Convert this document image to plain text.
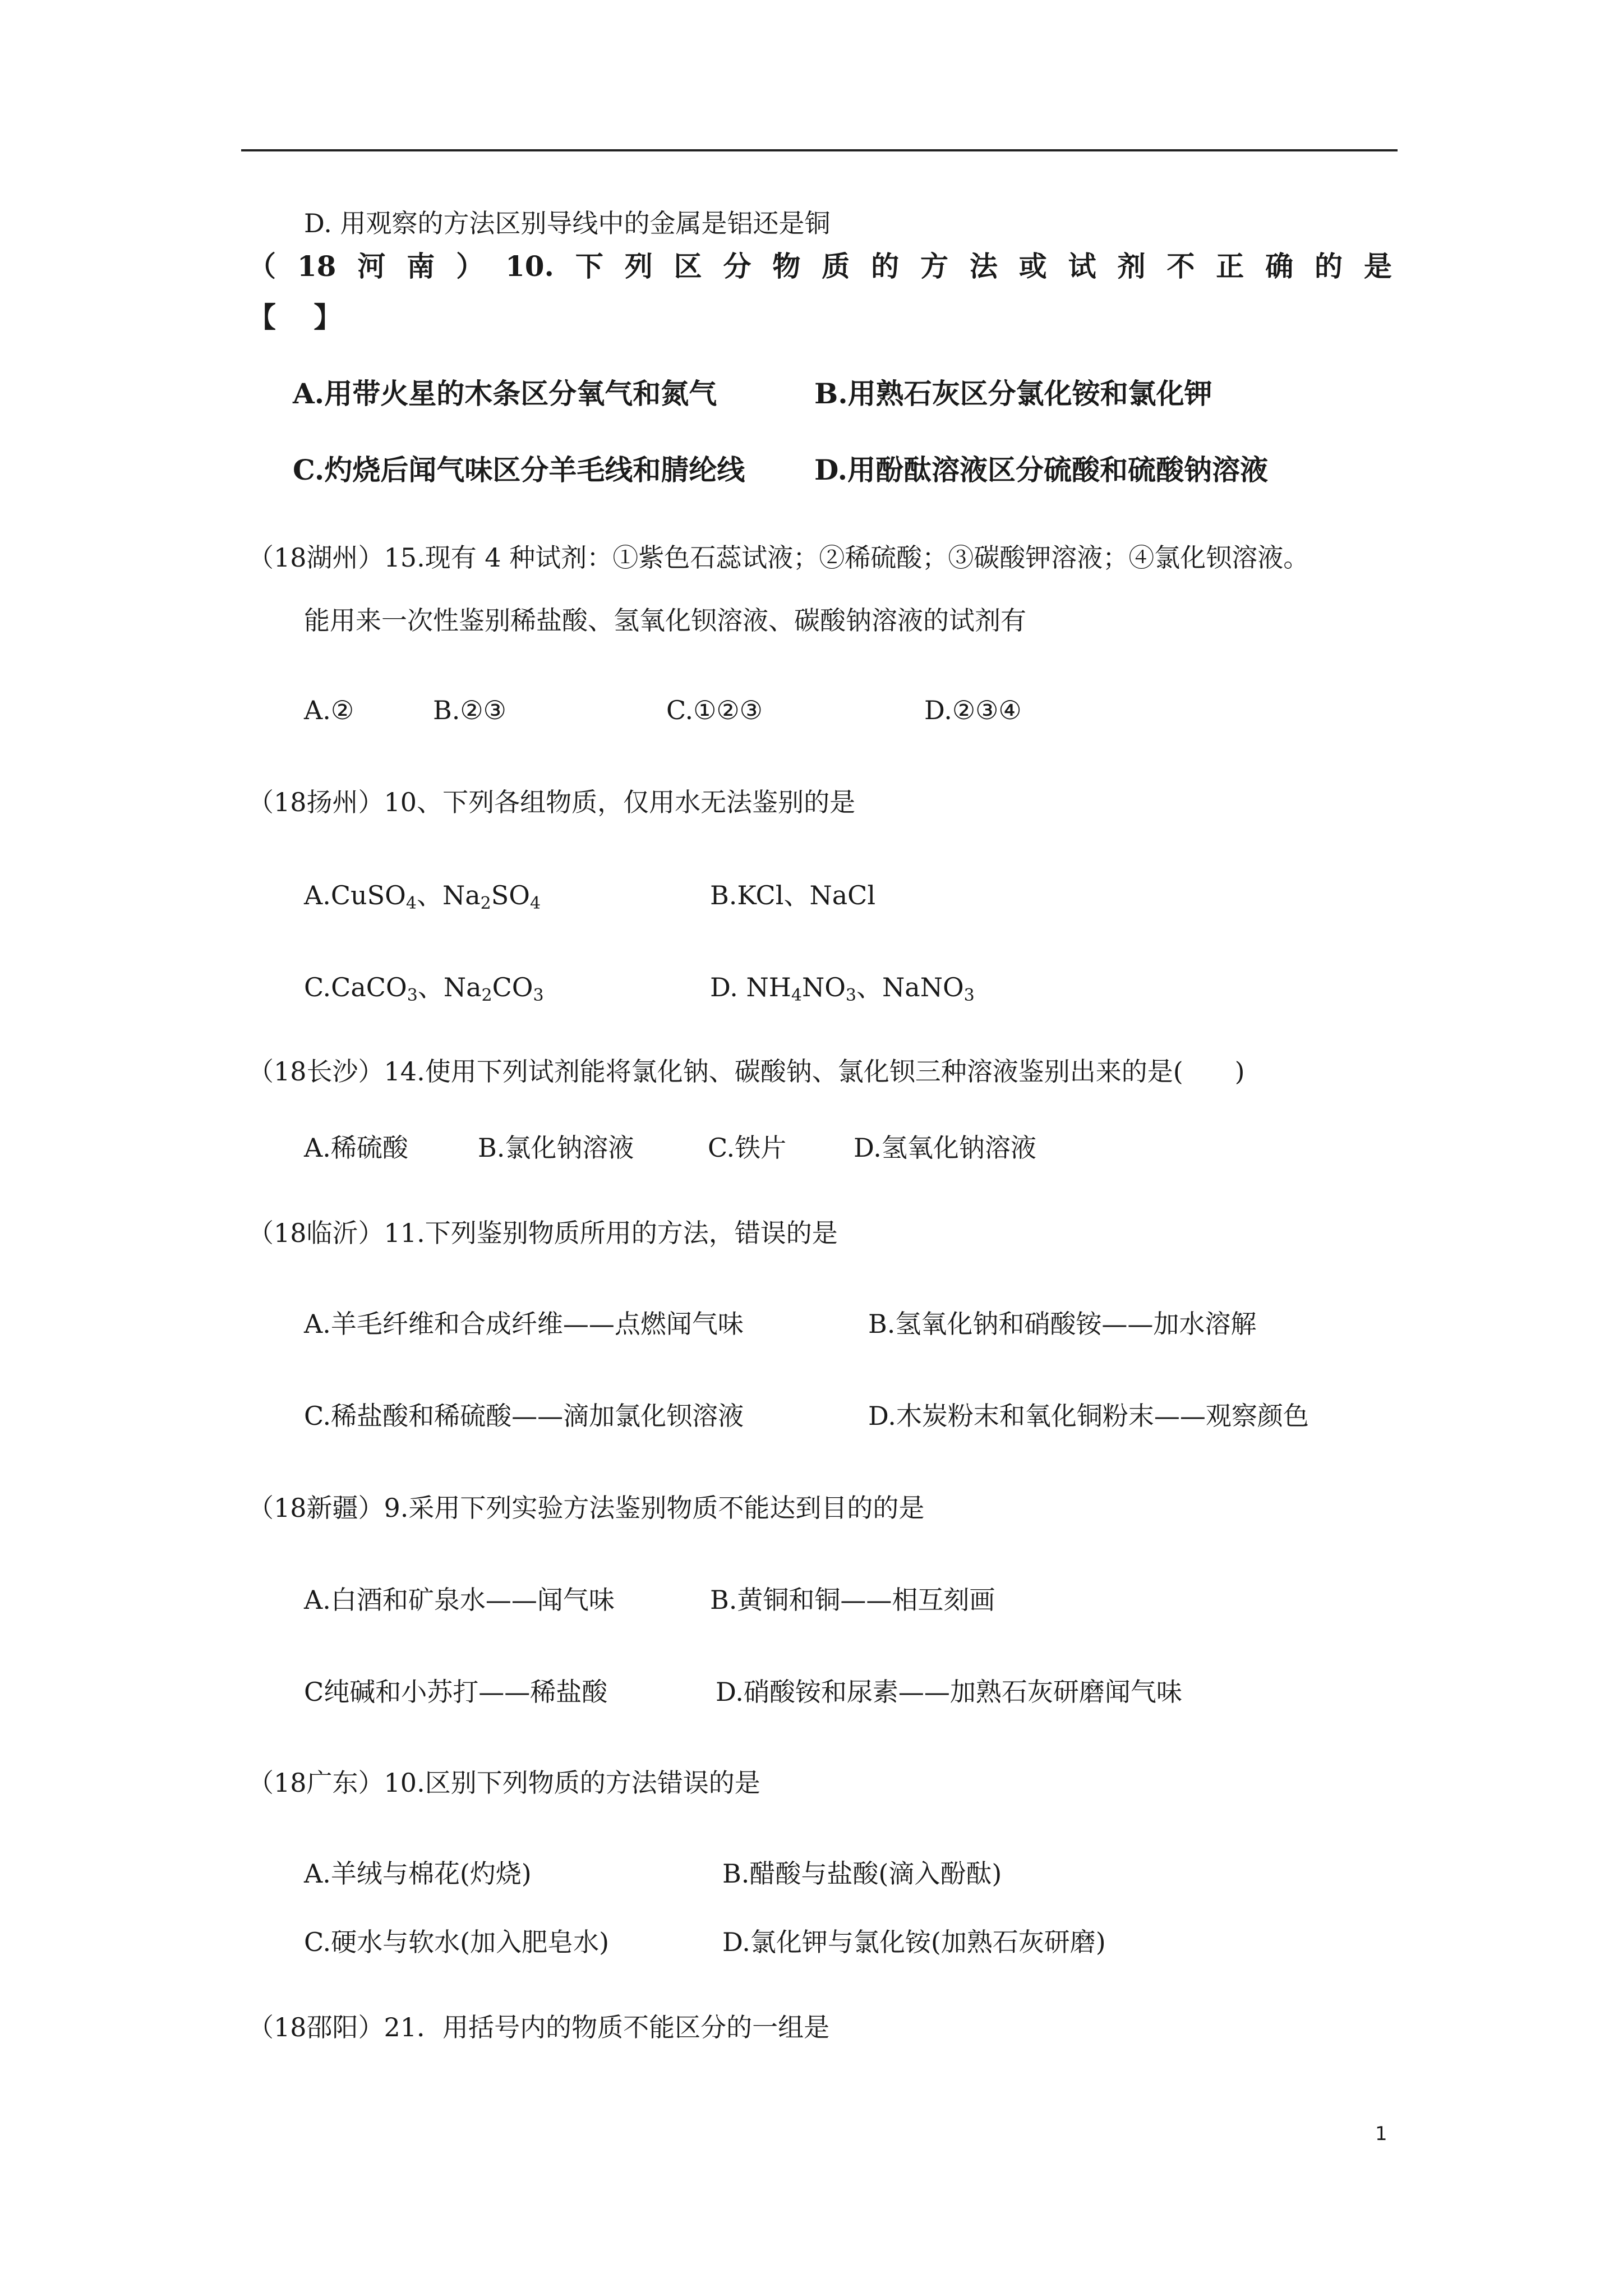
D. 用观察的方法区别导线中的金属是铝还是铜
（ 18 河 南 ） 10. 下 列 区 分 物 质 的 方 法 或 试 剂 不 正 确 的 是
【　 】
A.用带火星的木条区分氧气和氮气	B.用熟石灰区分氯化铵和氯化钾
C.灼烧后闻气味区分羊毛线和腈纶线 D.用酚酞溶液区分硫酸和硫酸钠溶液
（18湖州）15.现有 4 种试剂：①紫色石蕊试液；②稀硫酸；③碳酸钾溶液；④氯化钡溶液。
能用来一次性鉴别稀盐酸、氢氧化钡溶液、碳酸钠溶液的试剂有
A.②	B.②③	C.①②③	D.②③④
（18扬州）10、下列各组物质，仅用水无法鉴别的是
A.CuSO$_4$、$Na_2SO_4$	B.KCl、NaCl
C.CaCO$_3$、$Na_2CO_3$	D. $NH_4NO_3$、NaNO$_3$
（18长沙）14.使用下列试剂能将氯化钠、碳酸钠、氯化钡三种溶液鉴别出来的是(　　)
A.稀硫酸	B.氯化钠溶液	C.铁片	D.氢氧化钠溶液
（18临沂）11.下列鉴别物质所用的方法，错误的是
A.羊毛纤维和合成纤维——点燃闻气味	B.氢氧化钠和硝酸铵——加水溶解
C.稀盐酸和稀硫酸——滴加氯化钡溶液	D.木炭粉末和氧化铜粉末——观察颜色
（18新疆）9.采用下列实验方法鉴别物质不能达到目的的是
A.白酒和矿泉水——闻气味	B.黄铜和铜——相互刻画
C纯碱和小苏打——稀盐酸	D.硝酸铵和尿素——加熟石灰研磨闻气味
（18广东）10.区别下列物质的方法错误的是
A.羊绒与棉花(灼烧)	B.醋酸与盐酸(滴入酚酞)
C.硬水与软水(加入肥皂水)	D.氯化钾与氯化铵(加熟石灰研磨)
（18邵阳）21．用括号内的物质不能区分的一组是
1
